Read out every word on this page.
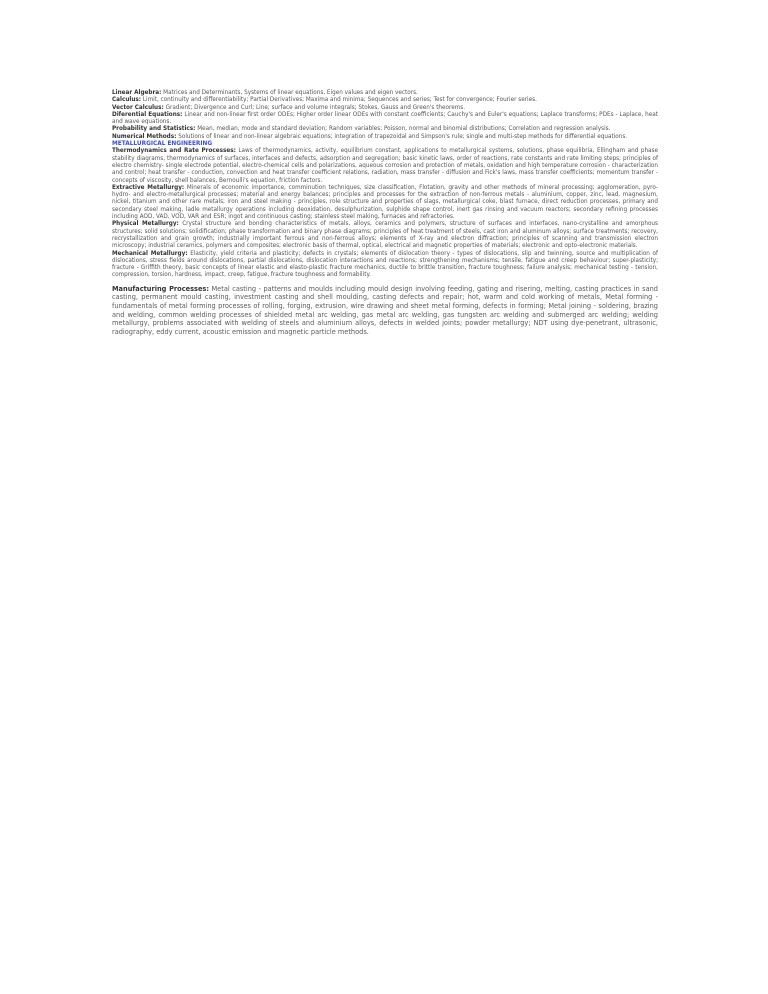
Linear Algebra: Matrices and Determinants, Systems of linear equations, Eigen values and eigen vectors.

Calculus: Limit, continuity and differentiability; Partial Derivatives; Maxima and minima; Sequences and series; Test for convergence; Fourier series.

Vector Calculus: Gradient; Divergence and Curl; Line; surface and volume integrals; Stokes, Gauss and Green's theorems.

Diferential Equations: Linear and non-linear first order ODEs; Higher order linear ODEs with constant coefficients; Cauchy's and Euler's equations; Laplace transforms; PDEs - Laplace, heat and wave equations.

Probability and Statistics: Mean, median, mode and standard deviation; Random variables; Poisson, normal and binomial distributions; Correlation and regression analysis.

Numerical Methods: Solutions of linear and non-linear algebraic equations; integration of trapezoidal and Simpson's rule; single and multi-step methods for differential equations.

METALLURGICAL ENGINEERING

Thermodynamics and Rate Processes: Laws of thermodynamics, activity, equilibrium constant, applications to metallurgical systems, solutions, phase equilibria, Ellingham and phase stability diagrams, thermodynamics of surfaces, interfaces and defects, adsorption and segregation; basic kinetic laws, order of reactions, rate constants and rate limiting steps; principles of electro chemistry- single electrode potential, electro-chemical cells and polarizations, aqueous corrosion and protection of metals, oxidation and high temperature corrosion - characterization and control; heat transfer - conduction, convection and heat transfer coefficient relations, radiation, mass transfer - diffusion and Fick's laws, mass transfer coefficients; momentum transfer - concepts of viscosity, shell balances, Bernoulli's equation, friction factors.

Extractive Metallurgy: Minerals of economic importance, comminution techniques, size classification, Flotation, gravity and other methods of mineral processing; agglomeration, pyro- hydro- and electro-metallurgical processes; material and energy balances; principles and processes for the extraction of non-ferrous metals - aluminium, copper, zinc, lead, magnesium, nickel, titanium and other rare metals; iron and steel making - principles, role structure and properties of slags, metallurgical coke, blast furnace, direct reduction processes, primary and secondary steel making, ladle metallurgy operations including deoxidation, desulphurization, sulphide shape control, inert gas rinsing and vacuum reactors; secondary refining processes including AOD, VAD, VOD, VAR and ESR; ingot and continuous casting; stainless steel making, furnaces and refractories.

Physical Metallurgy: Crystal structure and bonding characteristics of metals, alloys, ceramics and polymers, structure of surfaces and interfaces, nano-crystalline and amorphous structures; solid solutions; solidification; phase transformation and binary phase diagrams; principles of heat treatment of steels, cast iron and aluminum alloys; surface treatments; recovery, recrystallization and grain growth; industrially important ferrous and non-ferrous alloys; elements of X-ray and electron diffraction; principles of scanning and transmission electron microscopy; industrial ceramics, polymers and composites; electronic basis of thermal, optical, electrical and magnetic properties of materials; electronic and opto-electronic materials.

Mechanical Metallurgy: Elasticity, yield criteria and plasticity; defects in crystals; elements of dislocation theory - types of dislocations, slip and twinning, source and multiplication of dislocations, stress fields around dislocations, partial dislocations, dislocation interactions and reactions; strengthening mechanisms; tensile, fatigue and creep behaviour; super-plasticity; fracture - Griffith theory, basic concepts of linear elastic and elasto-plastic fracture mechanics, ductile to brittle transition, fracture toughness; failure analysis; mechanical testing - tension, compression, torsion, hardness, impact, creep, fatigue, fracture toughness and formability.

Manufacturing Processes: Metal casting - patterns and moulds including mould design involving feeding, gating and risering, melting, casting practices in sand casting, permanent mould casting, investment casting and shell moulding, casting defects and repair; hot, warm and cold working of metals, Metal forming - fundamentals of metal forming processes of rolling, forging, extrusion, wire drawing and sheet metal forming, defects in forming; Metal joining - soldering, brazing and welding, common welding processes of shielded metal arc welding, gas metal arc welding, gas tungsten arc welding and submerged arc welding; welding metallurgy, problems associated with welding of steels and aluminium alloys, defects in welded joints; powder metallurgy; NDT using dye-penetrant, ultrasonic, radiography, eddy current, acoustic emission and magnetic particle methods.
